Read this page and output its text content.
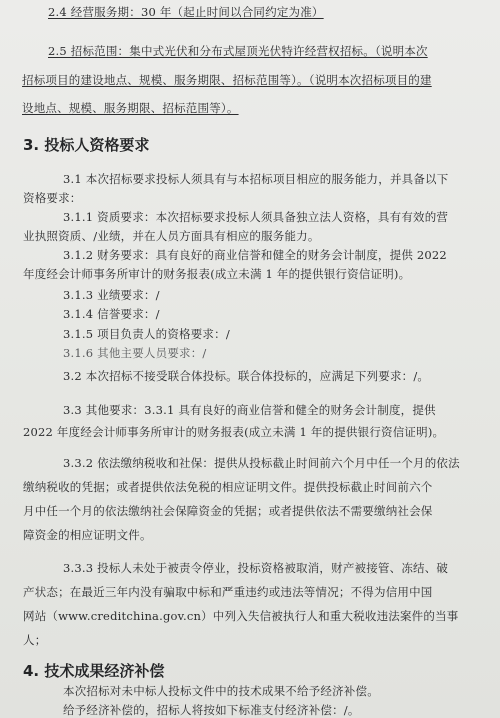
2.4 经营服务期：30 年（起止时间以合同约定为准）
2.5 招标范围：集中式光伏和分布式屋顶光伏特许经营权招标。（说明本次
招标项目的建设地点、规模、服务期限、招标范围等）。（说明本次招标项目的建
设地点、规模、服务期限、招标范围等）。
3. 投标人资格要求
3.1 本次招标要求投标人须具有与本招标项目相应的服务能力，并具备以下
资格要求：
3.1.1 资质要求：本次招标要求投标人须具备独立法人资格，具有有效的营
业执照资质、/业绩，并在人员方面具有相应的服务能力。
3.1.2 财务要求：具有良好的商业信誉和健全的财务会计制度，提供 2022
年度经会计师事务所审计的财务报表(成立未满 1 年的提供银行资信证明)。
3.1.3 业绩要求：/
3.1.4 信誉要求：/
3.1.5 项目负责人的资格要求：/
3.1.6 其他主要人员要求：/
3.2 本次招标不接受联合体投标。联合体投标的，应满足下列要求：/。
3.3 其他要求：3.3.1 具有良好的商业信誉和健全的财务会计制度，提供
2022 年度经会计师事务所审计的财务报表(成立未满 1 年的提供银行资信证明)。
3.3.2 依法缴纳税收和社保：提供从投标截止时间前六个月中任一个月的依法
缴纳税收的凭据；或者提供依法免税的相应证明文件。提供投标截止时间前六个
月中任一个月的依法缴纳社会保障资金的凭据；或者提供依法不需要缴纳社会保
障资金的相应证明文件。
3.3.3 投标人未处于被责令停业，投标资格被取消，财产被接管、冻结、破
产状态；在最近三年内没有骗取中标和严重违约或违法等情况；不得为信用中国
网站（www.creditchina.gov.cn）中列入失信被执行人和重大税收违法案件的当事
人；
4. 技术成果经济补偿
本次招标对未中标人投标文件中的技术成果不给予经济补偿。
给予经济补偿的，招标人将按如下标准支付经济补偿：/。
